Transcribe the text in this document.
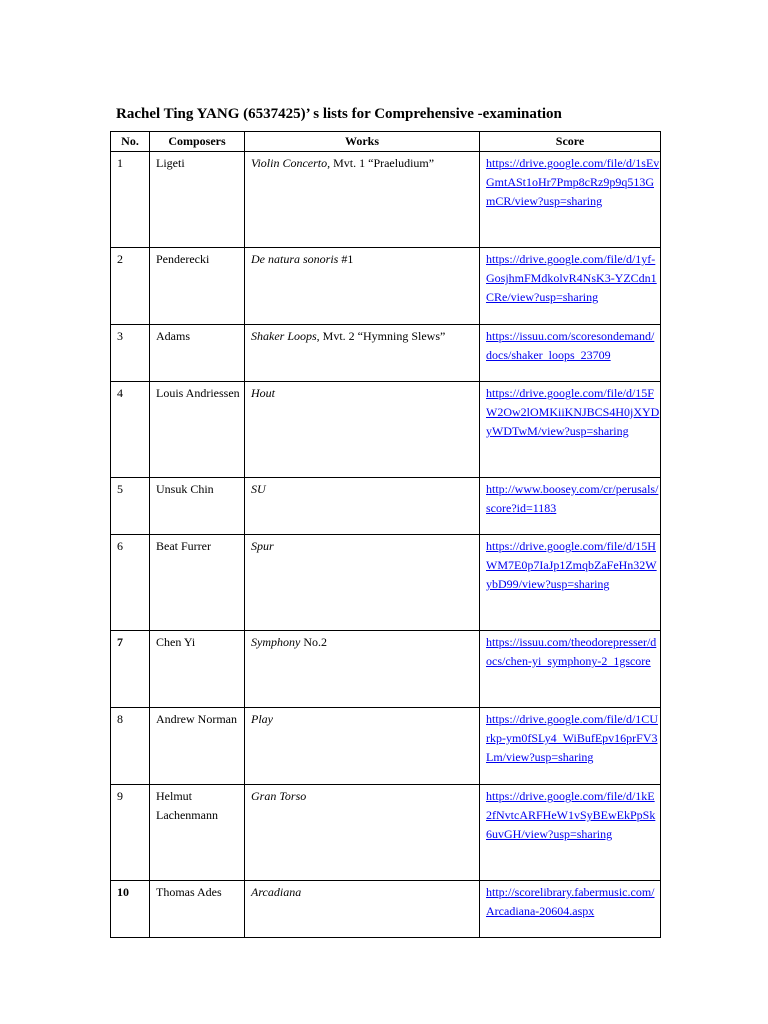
Rachel Ting YANG (6537425)’ s lists for Comprehensive -examination
No.	Composers	Works	Score

1	Ligeti	Violin Concerto, Mvt. 1 “Praeludium”	https://drive.google.com/file/d/1sEvGmtASt1oHr7Pmp8cRz9p9q513GmCR/view?usp=sharing

2	Penderecki	De natura sonoris #1	https://drive.google.com/file/d/1yf-GosjhmFMdkolvR4NsK3-YZCdn1CRe/view?usp=sharing

3	Adams	Shaker Loops, Mvt. 2 “Hymning Slews”	https://issuu.com/scoresondemand/docs/shaker_loops_23709

4	Louis Andriessen	Hout	https://drive.google.com/file/d/15FW2Ow2lOMKiiKNJBCS4H0jXYDyWDTwM/view?usp=sharing

5	Unsuk Chin	SU	http://www.boosey.com/cr/perusals/score?id=1183

6	Beat Furrer	Spur	https://drive.google.com/file/d/15HWM7E0p7IaJp1ZmqbZaFeHn32WybD99/view?usp=sharing

7	Chen Yi	Symphony No.2	https://issuu.com/theodorepresser/docs/chen-yi_symphony-2_1gscore

8	Andrew Norman	Play	https://drive.google.com/file/d/1CUrkp-ym0fSLy4_WiBufEpv16prFV3Lm/view?usp=sharing

9	Helmut Lachenmann	Gran Torso	https://drive.google.com/file/d/1kE2fNvtcARFHeW1vSyBEwEkPpSk6uvGH/view?usp=sharing

10	Thomas Ades	Arcadiana	http://scorelibrary.fabermusic.com/Arcadiana-20604.aspx
